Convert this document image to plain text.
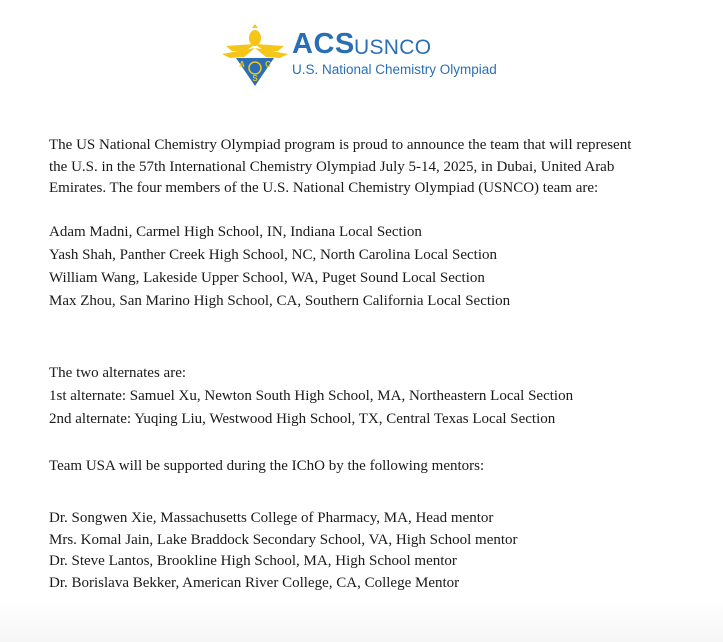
A	C
S
ACS USNCO
U.S. National Chemistry Olympiad
The US National Chemistry Olympiad program is proud to announce the team that will represent
the U.S. in the 57th International Chemistry Olympiad July 5-14, 2025, in Dubai, United Arab
Emirates. The four members of the U.S. National Chemistry Olympiad (USNCO) team are:
Adam Madni, Carmel High School, IN, Indiana Local Section
Yash Shah, Panther Creek High School, NC, North Carolina Local Section
William Wang, Lakeside Upper School, WA, Puget Sound Local Section
Max Zhou, San Marino High School, CA, Southern California Local Section
The two alternates are:
1st alternate: Samuel Xu, Newton South High School, MA, Northeastern Local Section
2nd alternate: Yuqing Liu, Westwood High School, TX, Central Texas Local Section
Team USA will be supported during the IChO by the following mentors:
Dr. Songwen Xie, Massachusetts College of Pharmacy, MA, Head mentor
Mrs. Komal Jain, Lake Braddock Secondary School, VA, High School mentor
Dr. Steve Lantos, Brookline High School, MA, High School mentor
Dr. Borislava Bekker, American River College, CA, College Mentor
